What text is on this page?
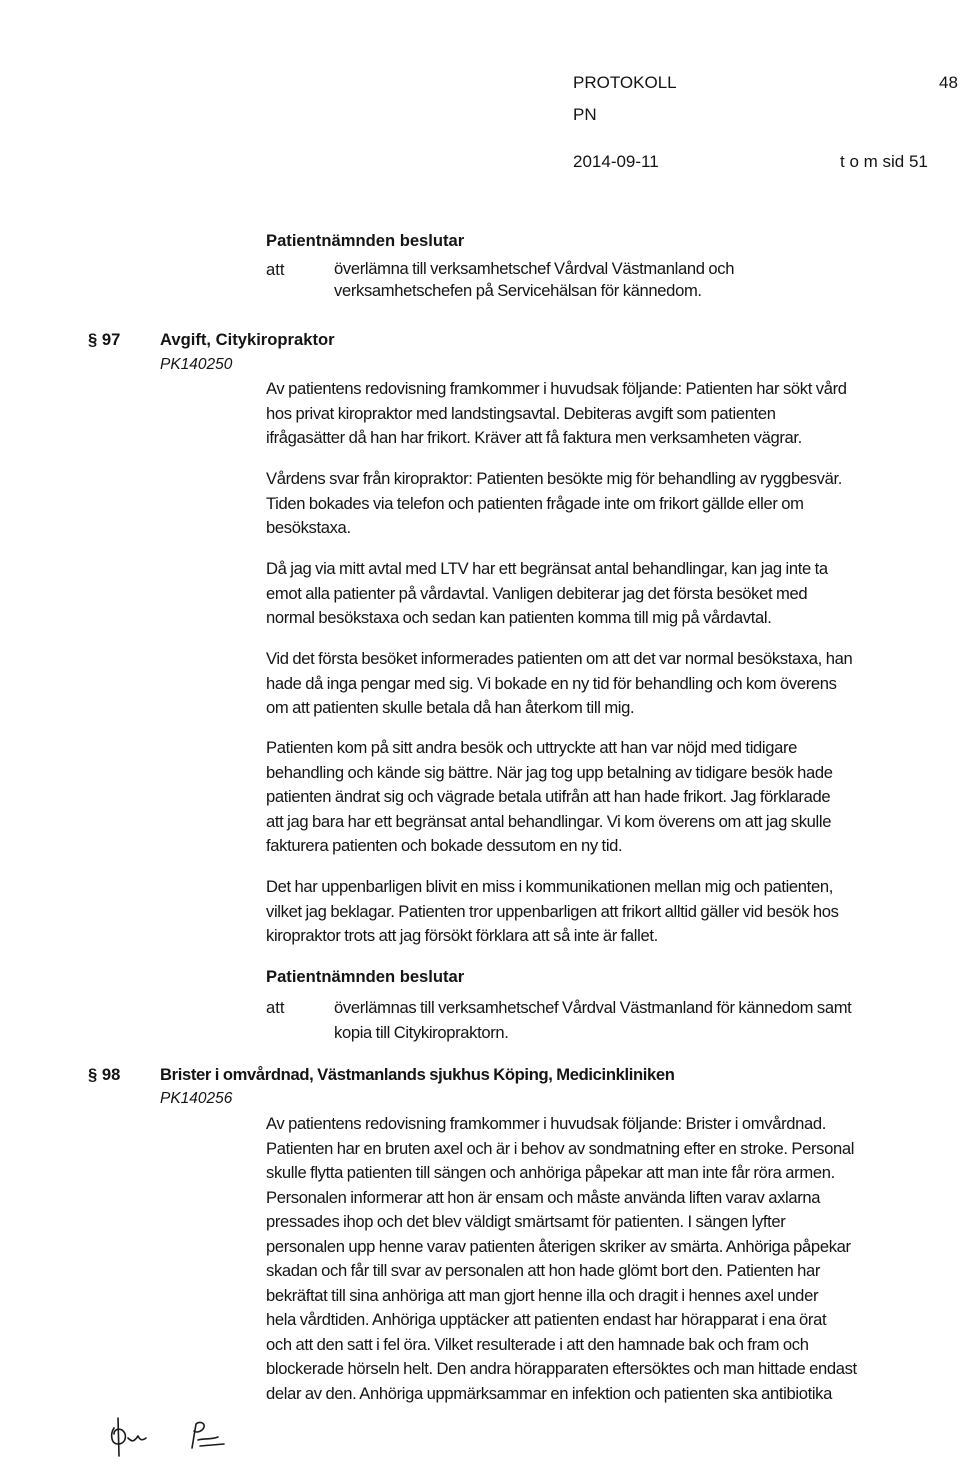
PROTOKOLL	48
PN
2014-09-11	t o m sid 51
Patientnämnden beslutar
att	överlämna till verksamhetschef Vårdval Västmanland och
verksamhetschefen på Servicehälsan för kännedom.
§ 97 Avgift, Citykiropraktor
PK140250
Av patientens redovisning framkommer i huvudsak följande: Patienten har sökt vård
hos privat kiropraktor med landstingsavtal. Debiteras avgift som patienten
ifrågasätter då han har frikort. Kräver att få faktura men verksamheten vägrar.
Vårdens svar från kiropraktor: Patienten besökte mig för behandling av ryggbesvär.
Tiden bokades via telefon och patienten frågade inte om frikort gällde eller om
besökstaxa.
Då jag via mitt avtal med LTV har ett begränsat antal behandlingar, kan jag inte ta
emot alla patienter på vårdavtal. Vanligen debiterar jag det första besöket med
normal besökstaxa och sedan kan patienten komma till mig på vårdavtal.
Vid det första besöket informerades patienten om att det var normal besökstaxa, han
hade då inga pengar med sig. Vi bokade en ny tid för behandling och kom överens
om att patienten skulle betala då han återkom till mig.
Patienten kom på sitt andra besök och uttryckte att han var nöjd med tidigare
behandling och kände sig bättre. När jag tog upp betalning av tidigare besök hade
patienten ändrat sig och vägrade betala utifrån att han hade frikort. Jag förklarade
att jag bara har ett begränsat antal behandlingar. Vi kom överens om att jag skulle
fakturera patienten och bokade dessutom en ny tid.
Det har uppenbarligen blivit en miss i kommunikationen mellan mig och patienten,
vilket jag beklagar. Patienten tror uppenbarligen att frikort alltid gäller vid besök hos
kiropraktor trots att jag försökt förklara att så inte är fallet.
Patientnämnden beslutar
att	överlämnas till verksamhetschef Vårdval Västmanland för kännedom samt
kopia till Citykiropraktorn.
§ 98 Brister i omvårdnad, Västmanlands sjukhus Köping, Medicinkliniken
PK140256
Av patientens redovisning framkommer i huvudsak följande: Brister i omvårdnad.
Patienten har en bruten axel och är i behov av sondmatning efter en stroke. Personal
skulle flytta patienten till sängen och anhöriga påpekar att man inte får röra armen.
Personalen informerar att hon är ensam och måste använda liften varav axlarna
pressades ihop och det blev väldigt smärtsamt för patienten. I sängen lyfter
personalen upp henne varav patienten återigen skriker av smärta. Anhöriga påpekar
skadan och får till svar av personalen att hon hade glömt bort den. Patienten har
bekräftat till sina anhöriga att man gjort henne illa och dragit i hennes axel under
hela vårdtiden. Anhöriga upptäcker att patienten endast har hörapparat i ena örat
och att den satt i fel öra. Vilket resulterade i att den hamnade bak och fram och
blockerade hörseln helt. Den andra hörapparaten eftersöktes och man hittade endast
delar av den. Anhöriga uppmärksammar en infektion och patienten ska antibiotika
